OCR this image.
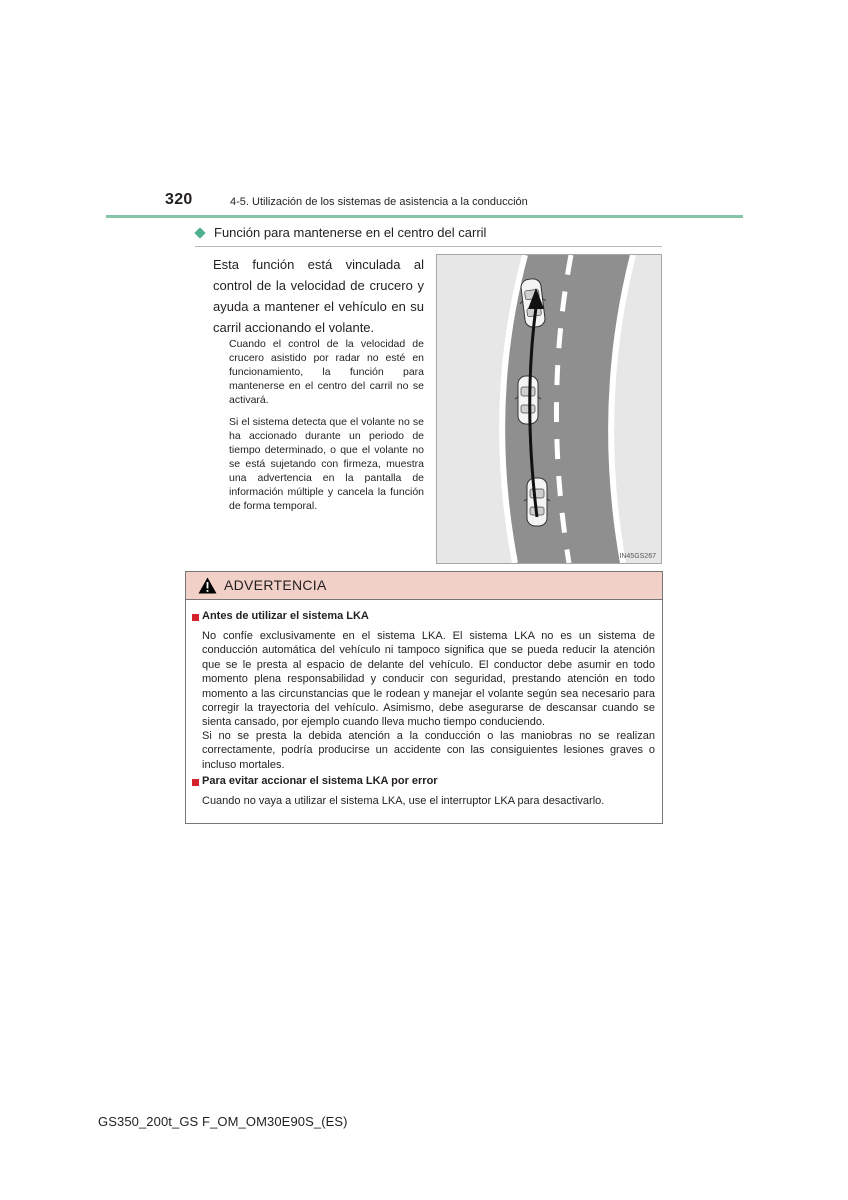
320	4-5. Utilización de los sistemas de asistencia a la conducción
Función para mantenerse en el centro del carril
Esta función está vinculada al control de la velocidad de crucero y ayuda a mantener el vehículo en su carril accionando el volante.
Cuando el control de la velocidad de crucero asistido por radar no esté en funcionamiento, la función para mantenerse en el centro del carril no se activará.
Si el sistema detecta que el volante no se ha accionado durante un periodo de tiempo determinado, o que el volante no se está sujetando con firmeza, muestra una advertencia en la pantalla de información múltiple y cancela la función de forma temporal.
IN45GS267
ADVERTENCIA
Antes de utilizar el sistema LKA
No confíe exclusivamente en el sistema LKA. El sistema LKA no es un sistema de conducción automática del vehículo ni tampoco significa que se pueda reducir la atención que se le presta al espacio de delante del vehículo. El conductor debe asumir en todo momento plena responsabilidad y conducir con seguridad, prestando atención en todo momento a las circunstancias que le rodean y manejar el volante según sea necesario para corregir la trayectoria del vehículo. Asimismo, debe asegurarse de descansar cuando se sienta cansado, por ejemplo cuando lleva mucho tiempo conduciendo.
Si no se presta la debida atención a la conducción o las maniobras no se realizan correctamente, podría producirse un accidente con las consiguientes lesiones graves o incluso mortales.
Para evitar accionar el sistema LKA por error
Cuando no vaya a utilizar el sistema LKA, use el interruptor LKA para desactivarlo.
GS350_200t_GS F_OM_OM30E90S_(ES)
